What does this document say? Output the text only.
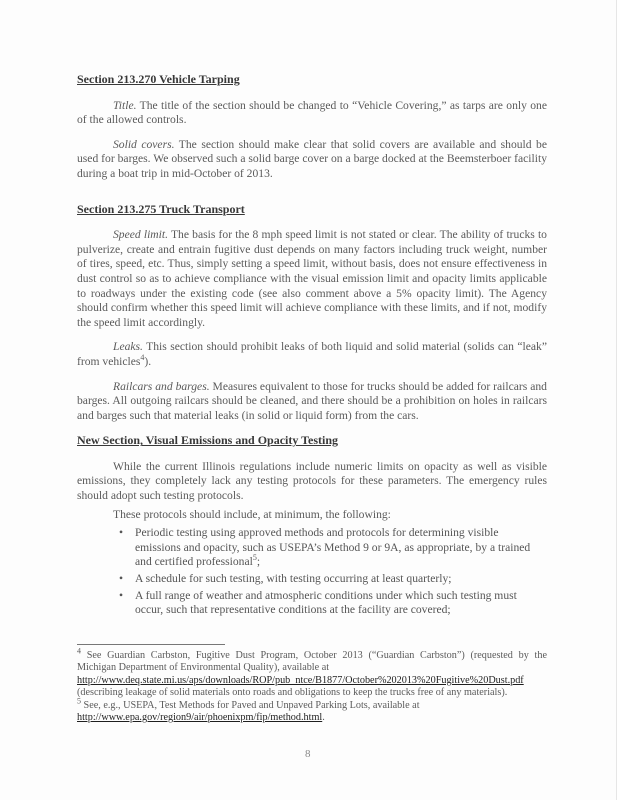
Section 213.270 Vehicle Tarping

Title. The title of the section should be changed to “Vehicle Covering,” as tarps are only one of the allowed controls.

Solid covers. The section should make clear that solid covers are available and should be used for barges. We observed such a solid barge cover on a barge docked at the Beemsterboer facility during a boat trip in mid-October of 2013.

Section 213.275 Truck Transport

Speed limit. The basis for the 8 mph speed limit is not stated or clear. The ability of trucks to pulverize, create and entrain fugitive dust depends on many factors including truck weight, number of tires, speed, etc. Thus, simply setting a speed limit, without basis, does not ensure effectiveness in dust control so as to achieve compliance with the visual emission limit and opacity limits applicable to roadways under the existing code (see also comment above a 5% opacity limit). The Agency should confirm whether this speed limit will achieve compliance with these limits, and if not, modify the speed limit accordingly.

Leaks. This section should prohibit leaks of both liquid and solid material (solids can “leak” from vehicles$^4$).

Railcars and barges. Measures equivalent to those for trucks should be added for railcars and barges. All outgoing railcars should be cleaned, and there should be a prohibition on holes in railcars and barges such that material leaks (in solid or liquid form) from the cars.

New Section, Visual Emissions and Opacity Testing

While the current Illinois regulations include numeric limits on opacity as well as visible emissions, they completely lack any testing protocols for these parameters. The emergency rules should adopt such testing protocols.

These protocols should include, at minimum, the following:

• Periodic testing using approved methods and protocols for determining visible emissions and opacity, such as USEPA’s Method 9 or 9A, as appropriate, by a trained and certified professional$^5$;
• A schedule for such testing, with testing occurring at least quarterly;
• A full range of weather and atmospheric conditions under which such testing must occur, such that representative conditions at the facility are covered;

$^4$ See Guardian Carbston, Fugitive Dust Program, October 2013 (“Guardian Carbston”) (requested by the Michigan Department of Environmental Quality), available at
http://www.deq.state.mi.us/aps/downloads/ROP/pub_ntce/B1877/October%202013%20Fugitive%20Dust.pdf
(describing leakage of solid materials onto roads and obligations to keep the trucks free of any materials).

$^5$ See, e.g., USEPA, Test Methods for Paved and Unpaved Parking Lots, available at
http://www.epa.gov/region9/air/phoenixpm/fip/method.html.

8
